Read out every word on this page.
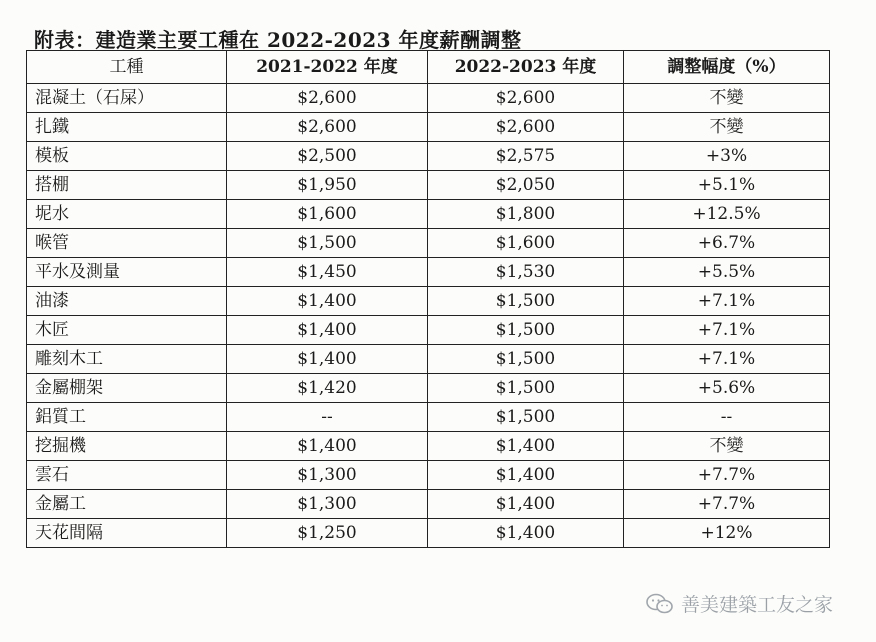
附表：建造業主要工種在 2022-2023 年度薪酬調整
工種	2021-2022 年度	2022-2023 年度	調整幅度（%）
混凝土（石屎）	$2,600	$2,600	不變
扎鐵	$2,600	$2,600	不變
模板	$2,500	$2,575	+3%
搭棚	$1,950	$2,050	+5.1%
坭水	$1,600	$1,800	+12.5%
喉管	$1,500	$1,600	+6.7%
平水及測量	$1,450	$1,530	+5.5%
油漆	$1,400	$1,500	+7.1%
木匠	$1,400	$1,500	+7.1%
雕刻木工	$1,400	$1,500	+7.1%
金屬棚架	$1,420	$1,500	+5.6%
鋁質工	--	$1,500	--
挖掘機	$1,400	$1,400	不變
雲石	$1,300	$1,400	+7.7%
金屬工	$1,300	$1,400	+7.7%
天花間隔	$1,250	$1,400	+12%
善美建築工友之家
